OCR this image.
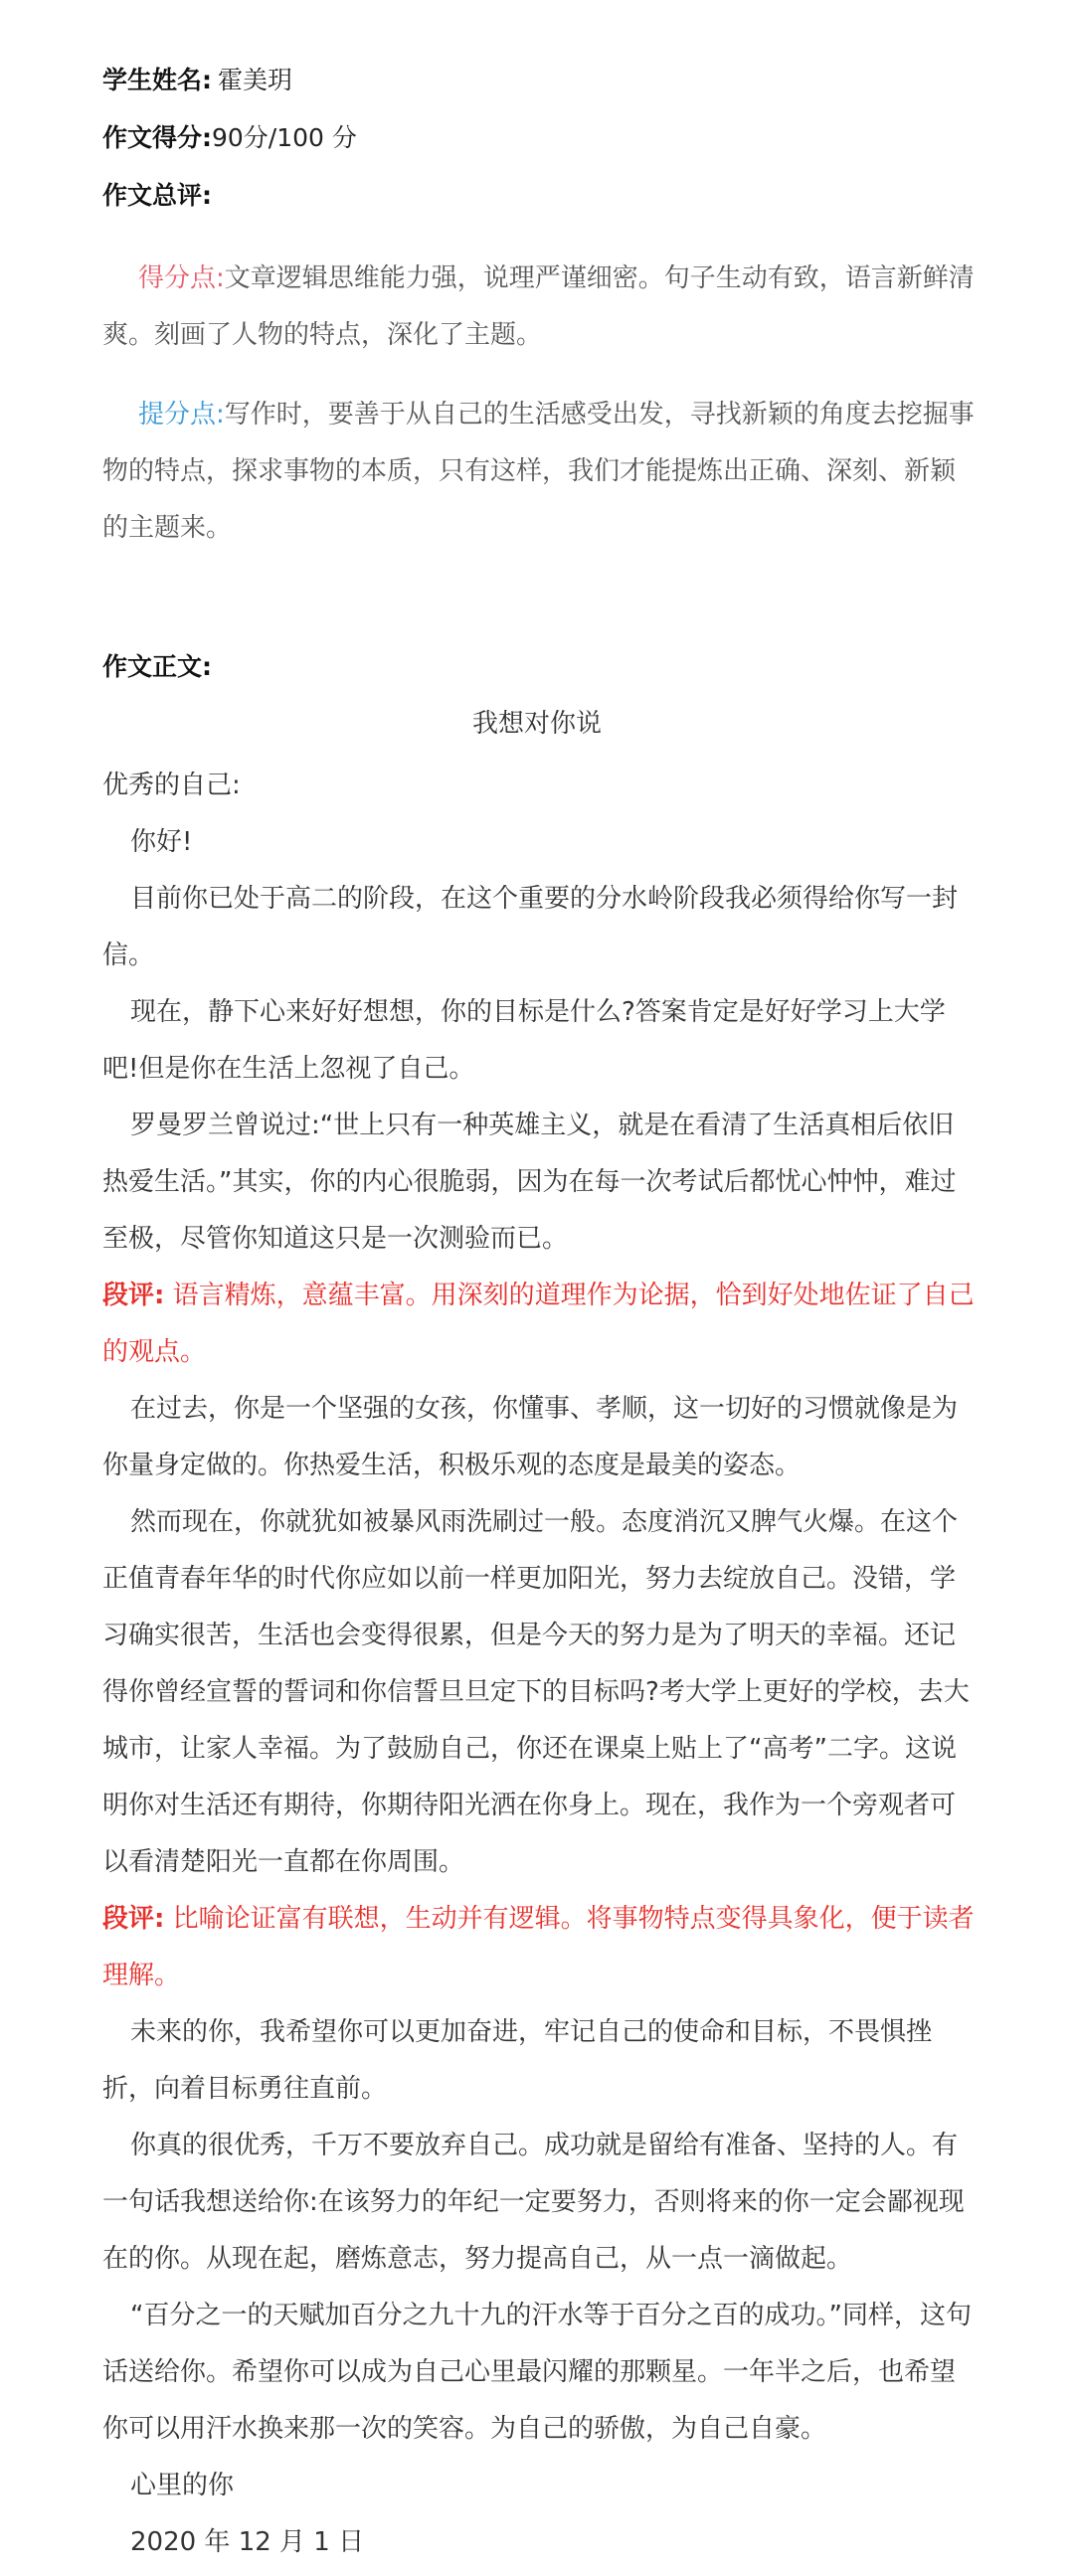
学生姓名: 霍美玥
作文得分:90分/100 分
作文总评:
得分点:文章逻辑思维能力强，说理严谨细密。句子生动有致，语言新鲜清爽。刻画了人物的特点，深化了主题。
提分点:写作时，要善于从自己的生活感受出发，寻找新颖的角度去挖掘事物的特点，探求事物的本质，只有这样，我们才能提炼出正确、深刻、新颖的主题来。
作文正文:
我想对你说

优秀的自己:

你好!

目前你已处于高二的阶段，在这个重要的分水岭阶段我必须得给你写一封信。

现在，静下心来好好想想，你的目标是什么?答案肯定是好好学习上大学吧!但是你在生活上忽视了自己。

罗曼罗兰曾说过:“世上只有一种英雄主义，就是在看清了生活真相后依旧热爱生活。”其实，你的内心很脆弱，因为在每一次考试后都忧心忡忡，难过至极，尽管你知道这只是一次测验而已。

段评: 语言精炼，意蕴丰富。用深刻的道理作为论据，恰到好处地佐证了自己的观点。

在过去，你是一个坚强的女孩，你懂事、孝顺，这一切好的习惯就像是为你量身定做的。你热爱生活，积极乐观的态度是最美的姿态。

然而现在，你就犹如被暴风雨洗刷过一般。态度消沉又脾气火爆。在这个正值青春年华的时代你应如以前一样更加阳光，努力去绽放自己。没错，学习确实很苦，生活也会变得很累，但是今天的努力是为了明天的幸福。还记得你曾经宣誓的誓词和你信誓旦旦定下的目标吗?考大学上更好的学校，去大城市，让家人幸福。为了鼓励自己，你还在课桌上贴上了“高考”二字。这说明你对生活还有期待，你期待阳光洒在你身上。现在，我作为一个旁观者可以看清楚阳光一直都在你周围。

段评: 比喻论证富有联想，生动并有逻辑。将事物特点变得具象化，便于读者理解。

未来的你，我希望你可以更加奋进，牢记自己的使命和目标，不畏惧挫折，向着目标勇往直前。

你真的很优秀，千万不要放弃自己。成功就是留给有准备、坚持的人。有一句话我想送给你:在该努力的年纪一定要努力，否则将来的你一定会鄙视现在的你。从现在起，磨炼意志，努力提高自己，从一点一滴做起。

“百分之一的天赋加百分之九十九的汗水等于百分之百的成功。”同样，这句话送给你。希望你可以成为自己心里最闪耀的那颗星。一年半之后，也希望你可以用汗水换来那一次的笑容。为自己的骄傲，为自己自豪。

心里的你

2020 年 12 月 1 日
